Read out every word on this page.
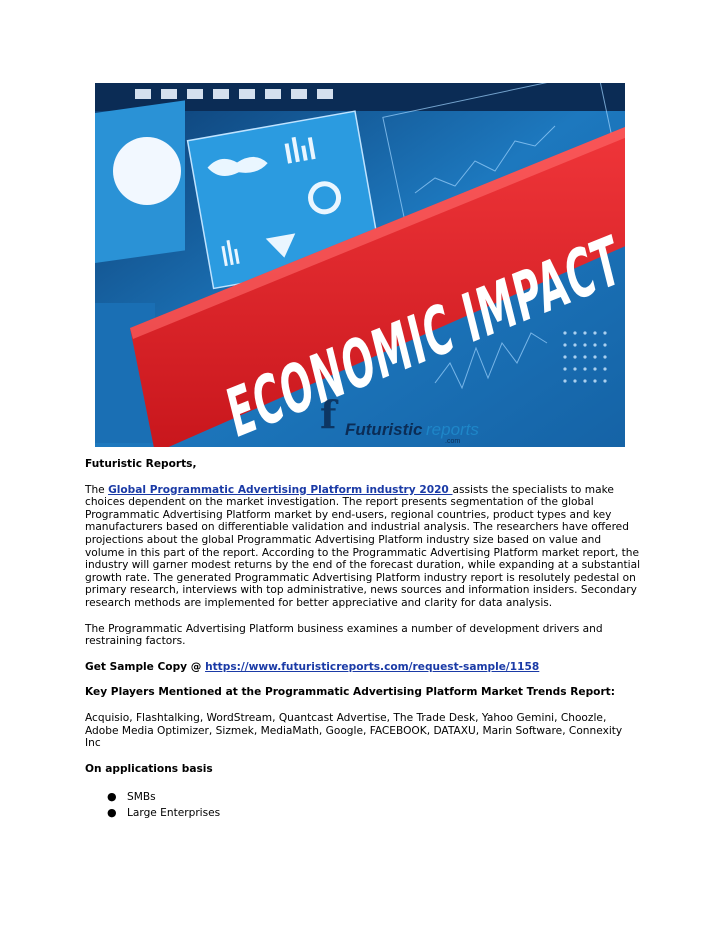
f Futuristic reports
.com

Futuristic Reports,

The Global Programmatic Advertising Platform industry 2020 assists the specialists to make choices dependent on the market investigation. The report presents segmentation of the global Programmatic Advertising Platform market by end-users, regional countries, product types and key manufacturers based on differentiable validation and industrial analysis. The researchers have offered projections about the global Programmatic Advertising Platform industry size based on value and volume in this part of the report. According to the Programmatic Advertising Platform market report, the industry will garner modest returns by the end of the forecast duration, while expanding at a substantial growth rate. The generated Programmatic Advertising Platform industry report is resolutely pedestal on primary research, interviews with top administrative, news sources and information insiders. Secondary research methods are implemented for better appreciative and clarity for data analysis.

The Programmatic Advertising Platform business examines a number of development drivers and restraining factors.

Get Sample Copy @ https://www.futuristicreports.com/request-sample/1158

Key Players Mentioned at the Programmatic Advertising Platform Market Trends Report:

Acquisio, Flashtalking, WordStream, Quantcast Advertise, The Trade Desk, Yahoo Gemini, Choozle, Adobe Media Optimizer, Sizmek, MediaMath, Google, FACEBOOK, DATAXU, Marin Software, Connexity Inc

On applications basis

● SMBs
● Large Enterprises
